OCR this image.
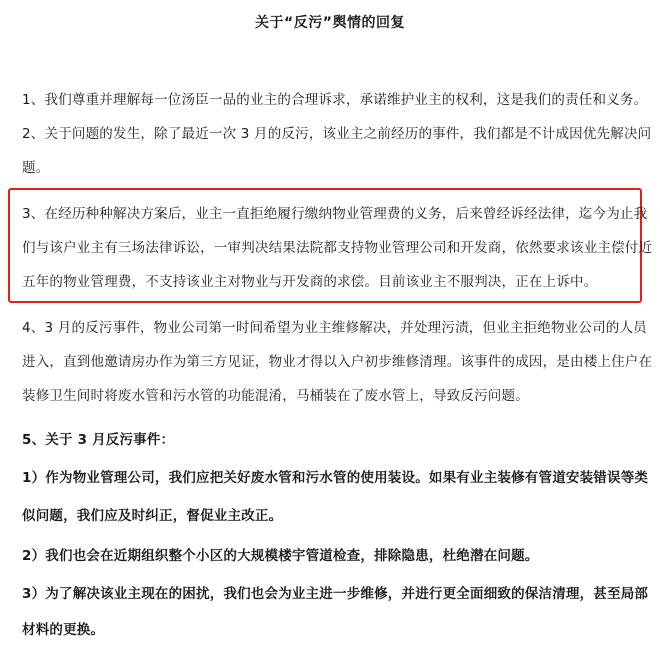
关于“反污”舆情的回复
1、我们尊重并理解每一位汤臣一品的业主的合理诉求，承诺维护业主的权利，这是我们的责任和义务。
2、关于问题的发生，除了最近一次 3 月的反污，该业主之前经历的事件，我们都是不计成因优先解决问
题。
3、在经历种种解决方案后，业主一直拒绝履行缴纳物业管理费的义务，后来曾经诉经法律，迄今为止我
们与该户业主有三场法律诉讼，一审判决结果法院都支持物业管理公司和开发商，依然要求该业主偿付近
五年的物业管理费，不支持该业主对物业与开发商的求偿。目前该业主不服判决，正在上诉中。
4、3 月的反污事件，物业公司第一时间希望为业主维修解决，并处理污渍，但业主拒绝物业公司的人员
进入，直到他邀请房办作为第三方见证，物业才得以入户初步维修清理。该事件的成因，是由楼上住户在
装修卫生间时将废水管和污水管的功能混淆，马桶装在了废水管上，导致反污问题。
5、关于 3 月反污事件：
1）作为物业管理公司，我们应把关好废水管和污水管的使用装设。如果有业主装修有管道安装错误等类
似问题，我们应及时纠正，督促业主改正。
2）我们也会在近期组织整个小区的大规模楼宇管道检查，排除隐患，杜绝潜在问题。
3）为了解决该业主现在的困扰，我们也会为业主进一步维修，并进行更全面细致的保洁清理，甚至局部
材料的更换。
